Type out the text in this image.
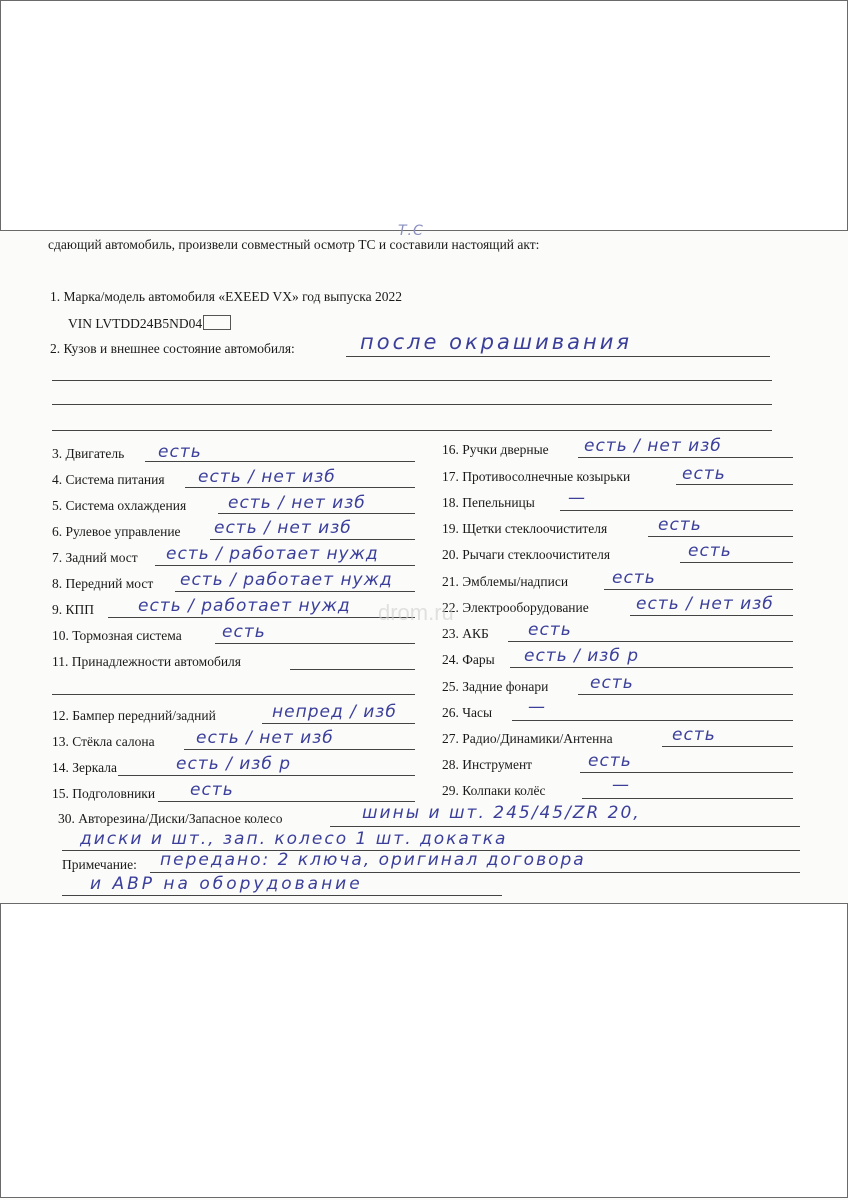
Т.С
сдающий автомобиль, произвели совместный осмотр ТС и составили настоящий акт:
1. Марка/модель автомобиля «EXEED VX» год выпуска 2022
VIN LVTDD24B5ND04
2. Кузов и внешнее состояние автомобиля:	после окрашивания
3. Двигатель есть
4. Система питания есть / нет изб
5. Система охлаждения есть / нет изб
6. Рулевое управление есть / нет изб
7. Задний мост есть / работает нужд
8. Передний мост есть / работает нужд
9. КПП	есть / работает нужд
10. Тормозная система есть
11. Принадлежности автомобиля
12. Бампер передний/задний	непред / изб
13. Стёкла салона есть / нет изб
14. Зеркала	есть / изб р
15. Подголовники есть
16. Ручки дверные есть / нет изб
17. Противосолнечные козырьки	есть
18. Пепельницы —
19. Щетки стеклоочистителя	есть
20. Рычаги стеклоочистителя	есть
21. Эмблемы/надписи	есть
22. Электрооборудование	есть / нет изб
23. АКБ есть
24. Фары есть / изб р
25. Задние фонари есть
26. Часы —
27. Радио/Динамики/Антенна	есть
28. Инструмент	есть
29. Колпаки колёс	—
30. Авторезина/Диски/Запасное колесо	шины и шт. 245/45/ZR 20,
диски и шт., зап. колесо 1 шт. докатка
Примечание: передано: 2 ключа, оригинал договора
и АВР на оборудование
drom.ru
